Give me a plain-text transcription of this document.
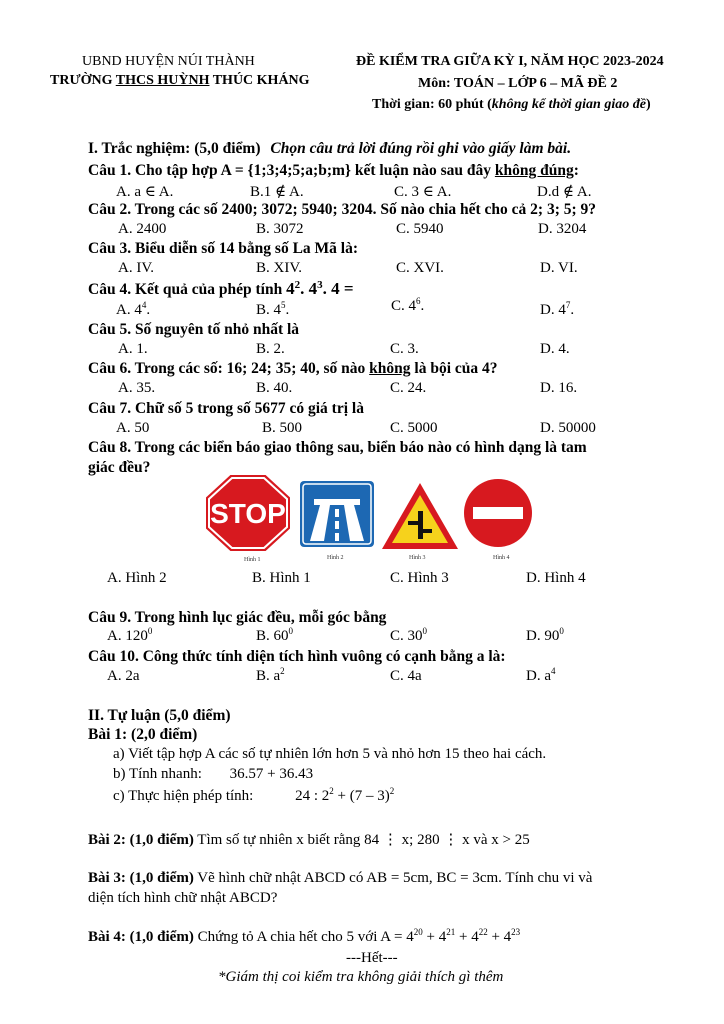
UBND HUYỆN NÚI THÀNH
TRƯỜNG THCS HUỲNH THÚC KHÁNG
ĐỀ KIỂM TRA GIỮA KỲ I, NĂM HỌC 2023-2024
Môn: TOÁN – LỚP 6 – MÃ ĐỀ 2
Thời gian: 60 phút (không kể thời gian giao đề)
I. Trắc nghiệm: (5,0 điểm) Chọn câu trả lời đúng rồi ghi vào giấy làm bài.
Câu 1. Cho tập hợp A = {1;3;4;5;a;b;m} kết luận nào sau đây không đúng:
A. a ∈ A.	B.1 ∉ A.	C. 3 ∈ A.	D.d ∉ A.
Câu 2. Trong các số 2400; 3072; 5940; 3204. Số nào chia hết cho cả 2; 3; 5; 9?
A. 2400	B. 3072	C. 5940	D. 3204
Câu 3. Biểu diễn số 14 bằng số La Mã là:
A. IV.	B. XIV.	C. XVI.	D. VI.
Câu 4. Kết quả của phép tính $4^2$. $4^3$. 4 =
A. $4^4$.	B. $4^5$.	C. $4^6$.	D. $4^7$.
Câu 5. Số nguyên tố nhỏ nhất là
A. 1.	B. 2.	C. 3.	D. 4.
Câu 6. Trong các số: 16; 24; 35; 40, số nào không là bội của 4?
A. 35.	B. 40.	C. 24.	D. 16.
Câu 7. Chữ số 5 trong số 5677 có giá trị là
A. 50	B. 500	C. 5000	D. 50000
Câu 8. Trong các biển báo giao thông sau, biển báo nào có hình dạng là tam
giác đều?
STOP
Hình 1	Hình 2	Hình 3	Hình 4
A. Hình 2	B. Hình 1	C. Hình 3	D. Hình 4
Câu 9. Trong hình lục giác đều, mỗi góc bằng
A. $120^0$	B. $60^0$	C. $30^0$	D. $90^0$
Câu 10. Công thức tính diện tích hình vuông có cạnh bằng a là:
A. 2a	B. $a^2$	C. 4a	D. $a^4$
II. Tự luận (5,0 điểm)
Bài 1: (2,0 điểm)
a) Viết tập hợp A các số tự nhiên lớn hơn 5 và nhỏ hơn 15 theo hai cách.
b) Tính nhanh: 36.57 + 36.43
c) Thực hiện phép tính:	24 : $2^2 + (7 - 3)^2$
Bài 2: (1,0 điểm) Tìm số tự nhiên x biết rằng 84 ⋮ x; 280 ⋮ x và x > 25
Bài 3: (1,0 điểm) Vẽ hình chữ nhật ABCD có AB = 5cm, BC = 3cm. Tính chu vi và
diện tích hình chữ nhật ABCD?
Bài 4: (1,0 điểm) Chứng tỏ A chia hết cho 5 với $A = 4^{20} + 4^{21} + 4^{22} + 4^{23}$
---Hết---
*Giám thị coi kiểm tra không giải thích gì thêm
